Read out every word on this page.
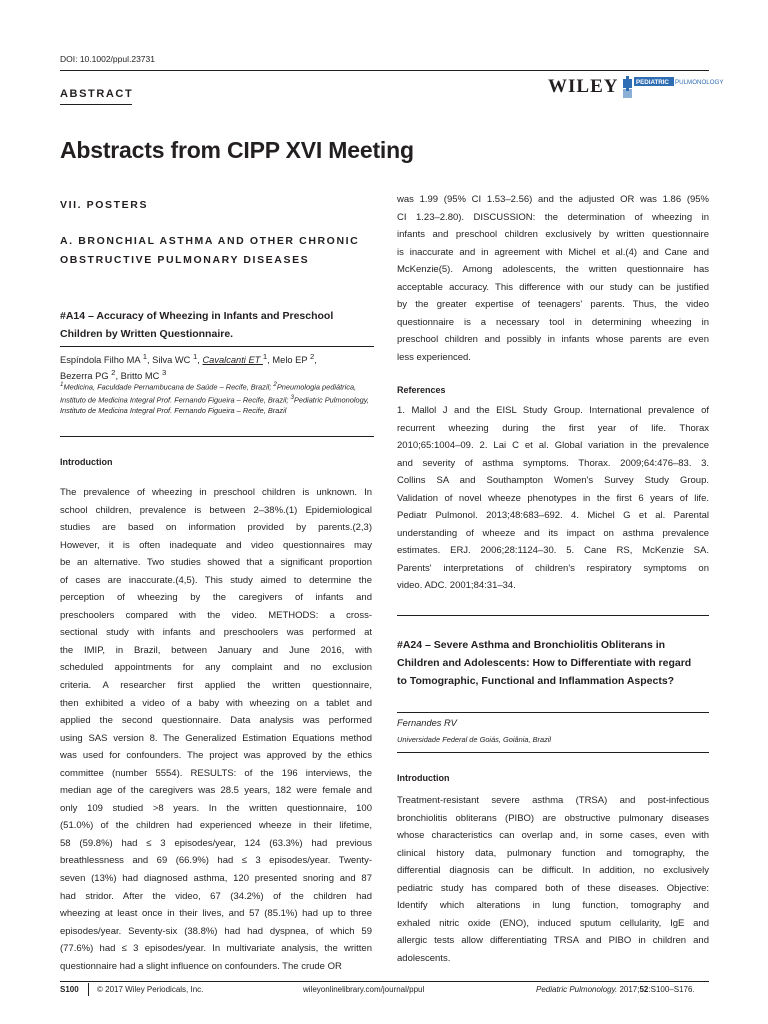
DOI: 10.1002/ppul.23731
ABSTRACT	WILEY	PEDIATRIC PULMONOLOGY
Abstracts from CIPP XVI Meeting
VII. POSTERS
A. BRONCHIAL ASTHMA AND OTHER CHRONIC OBSTRUCTIVE PULMONARY DISEASES
#A14 – Accuracy of Wheezing in Infants and Preschool Children by Written Questionnaire.
Espíndola Filho MA $^1$, Silva WC $^1$, Cavalcanti ET $^1$, Melo EP $^2$,
Bezerra PG $^2$, Britto MC $^3$
$^1$Medicina, Faculdade Pernambucana de Saúde – Recife, Brazil; $^2$Pneumologia pediátrica, Instituto de Medicina Integral Prof. Fernando Figueira – Recife, Brazil; $^3$Pediatric Pulmonology, Instituto de Medicina Integral Prof. Fernando Figueira – Recife, Brazil
Introduction
The prevalence of wheezing in preschool children is unknown. In
school children, prevalence is between 2–38%.(1) Epidemiological
studies are based on information provided by parents.(2,3)
However, it is often inadequate and video questionnaires may
be an alternative. Two studies showed that a significant proportion
of cases are inaccurate.(4,5). This study aimed to determine the
perception of wheezing by the caregivers of infants and
preschoolers compared with the video. METHODS: a cross-
sectional study with infants and preschoolers was performed at
the IMIP, in Brazil, between January and June 2016, with
scheduled appointments for any complaint and no exclusion
criteria. A researcher first applied the written questionnaire,
then exhibited a video of a baby with wheezing on a tablet and
applied the second questionnaire. Data analysis was performed
using SAS version 8. The Generalized Estimation Equations method
was used for confounders. The project was approved by the ethics
committee (number 5554). RESULTS: of the 196 interviews, the
median age of the caregivers was 28.5 years, 182 were female and
only 109 studied >8 years. In the written questionnaire, 100
(51.0%) of the children had experienced wheeze in their lifetime,
58 (59.8%) had ≤ 3 episodes/year, 124 (63.3%) had previous
breathlessness and 69 (66.9%) had ≤ 3 episodes/year. Twenty-
seven (13%) had diagnosed asthma, 120 presented snoring and 87
had stridor. After the video, 67 (34.2%) of the children had
wheezing at least once in their lives, and 57 (85.1%) had up to three
episodes/year. Seventy-six (38.8%) had had dyspnea, of which 59
(77.6%) had ≤ 3 episodes/year. In multivariate analysis, the written
questionnaire had a slight influence on confounders. The crude OR
was 1.99 (95% CI 1.53–2.56) and the adjusted OR was 1.86 (95%
CI 1.23–2.80). DISCUSSION: the determination of wheezing in
infants and preschool children exclusively by written questionnaire
is inaccurate and in agreement with Michel et al.(4) and Cane and
McKenzie(5). Among adolescents, the written questionnaire has
acceptable accuracy. This difference with our study can be justified
by the greater expertise of teenagers' parents. Thus, the video
questionnaire is a necessary tool in determining wheezing in
preschool children and possibly in infants whose parents are even
less experienced.
References
1. Mallol J and the EISL Study Group. International prevalence of
recurrent wheezing during the first year of life. Thorax
2010;65:1004–09. 2. Lai C et al. Global variation in the prevalence
and severity of asthma symptoms. Thorax. 2009;64:476–83. 3.
Collins SA and Southampton Women's Survey Study Group.
Validation of novel wheeze phenotypes in the first 6 years of life.
Pediatr Pulmonol. 2013;48:683–692. 4. Michel G et al. Parental
understanding of wheeze and its impact on asthma prevalence
estimates. ERJ. 2006;28:1124–30. 5. Cane RS, McKenzie SA.
Parents' interpretations of children's respiratory symptoms on
video. ADC. 2001;84:31–34.
#A24 – Severe Asthma and Bronchiolitis Obliterans in Children and Adolescents: How to Differentiate with regard to Tomographic, Functional and Inflammation Aspects?
Fernandes RV
Universidade Federal de Goiás, Goiânia, Brazil
Introduction
Treatment-resistant severe asthma (TRSA) and post-infectious
bronchiolitis obliterans (PIBO) are obstructive pulmonary diseases
whose characteristics can overlap and, in some cases, even with
clinical history data, pulmonary function and tomography, the
differential diagnosis can be difficult. In addition, no exclusively
pediatric study has compared both of these diseases. Objective:
Identify which alterations in lung function, tomography and
exhaled nitric oxide (ENO), induced sputum cellularity, IgE and
allergic tests allow differentiating TRSA and PIBO in children and
adolescents.
S100 © 2017 Wiley Periodicals, Inc.	wileyonlinelibrary.com/journal/ppul	Pediatric Pulmonology. 2017;52:S100–S176.
